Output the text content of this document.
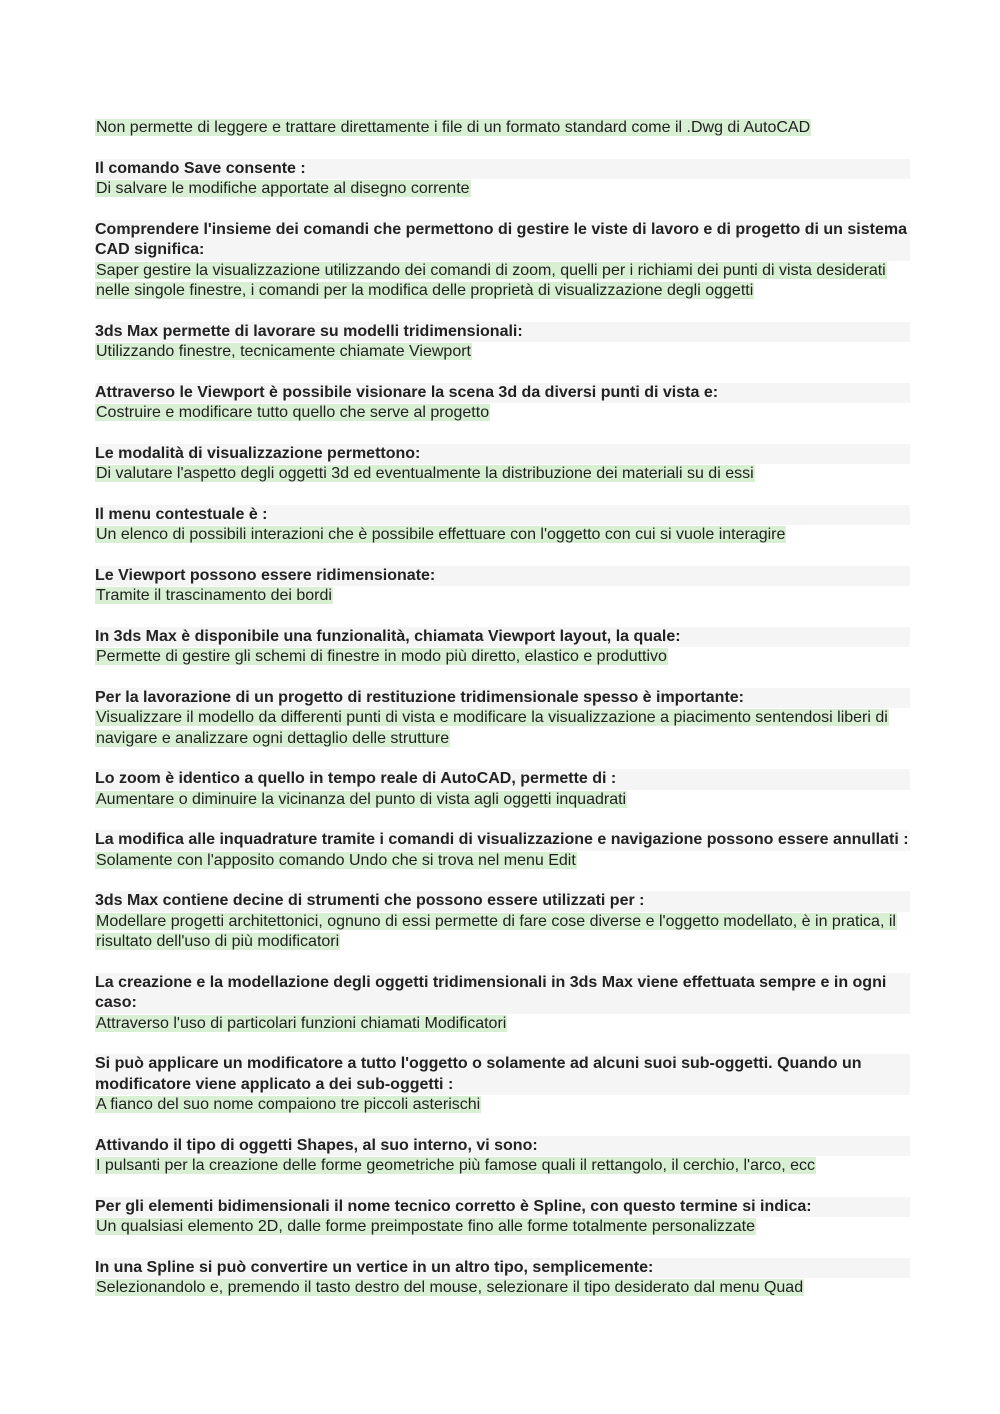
Non permette di leggere e trattare direttamente i file di un formato standard come il .Dwg di AutoCAD
Il comando Save consente :
Di salvare le modifiche apportate al disegno corrente
Comprendere l'insieme dei comandi che permettono di gestire le viste di lavoro e di progetto di un sistema CAD significa:
Saper gestire la visualizzazione utilizzando dei comandi di zoom, quelli per i richiami dei punti di vista desiderati nelle singole finestre, i comandi per la modifica delle proprietà di visualizzazione degli oggetti
3ds Max permette di lavorare su modelli tridimensionali:
Utilizzando finestre, tecnicamente chiamate Viewport
Attraverso le Viewport è possibile visionare la scena 3d da diversi punti di vista e:
Costruire e modificare tutto quello che serve al progetto
Le modalità di visualizzazione permettono:
Di valutare l'aspetto degli oggetti 3d ed eventualmente la distribuzione dei materiali su di essi
Il menu contestuale è :
Un elenco di possibili interazioni che è possibile effettuare con l'oggetto con cui si vuole interagire
Le Viewport possono essere ridimensionate:
Tramite il trascinamento dei bordi
In 3ds Max è disponibile una funzionalità, chiamata Viewport layout, la quale:
Permette di gestire gli schemi di finestre in modo più diretto, elastico e produttivo
Per la lavorazione di un progetto di restituzione tridimensionale spesso è importante:
Visualizzare il modello da differenti punti di vista e modificare la visualizzazione a piacimento sentendosi liberi di navigare e analizzare ogni dettaglio delle strutture
Lo zoom è identico a quello in tempo reale di AutoCAD, permette di :
Aumentare o diminuire la vicinanza del punto di vista agli oggetti inquadrati
La modifica alle inquadrature tramite i comandi di visualizzazione e navigazione possono essere annullati :
Solamente con l'apposito comando Undo che si trova nel menu Edit
3ds Max contiene decine di strumenti che possono essere utilizzati per :
Modellare progetti architettonici, ognuno di essi permette di fare cose diverse e l'oggetto modellato, è in pratica, il risultato dell'uso di più modificatori
La creazione e la modellazione degli oggetti tridimensionali in 3ds Max viene effettuata sempre e in ogni caso:
Attraverso l'uso di particolari funzioni chiamati Modificatori
Si può applicare un modificatore a tutto l'oggetto o solamente ad alcuni suoi sub-oggetti. Quando un modificatore viene applicato a dei sub-oggetti :
A fianco del suo nome compaiono tre piccoli asterischi
Attivando il tipo di oggetti Shapes, al suo interno, vi sono:
I pulsanti per la creazione delle forme geometriche più famose quali il rettangolo, il cerchio, l'arco, ecc
Per gli elementi bidimensionali il nome tecnico corretto è Spline, con questo termine si indica:
Un qualsiasi elemento 2D, dalle forme preimpostate fino alle forme totalmente personalizzate
In una Spline si può convertire un vertice in un altro tipo, semplicemente:
Selezionandolo e, premendo il tasto destro del mouse, selezionare il tipo desiderato dal menu Quad
